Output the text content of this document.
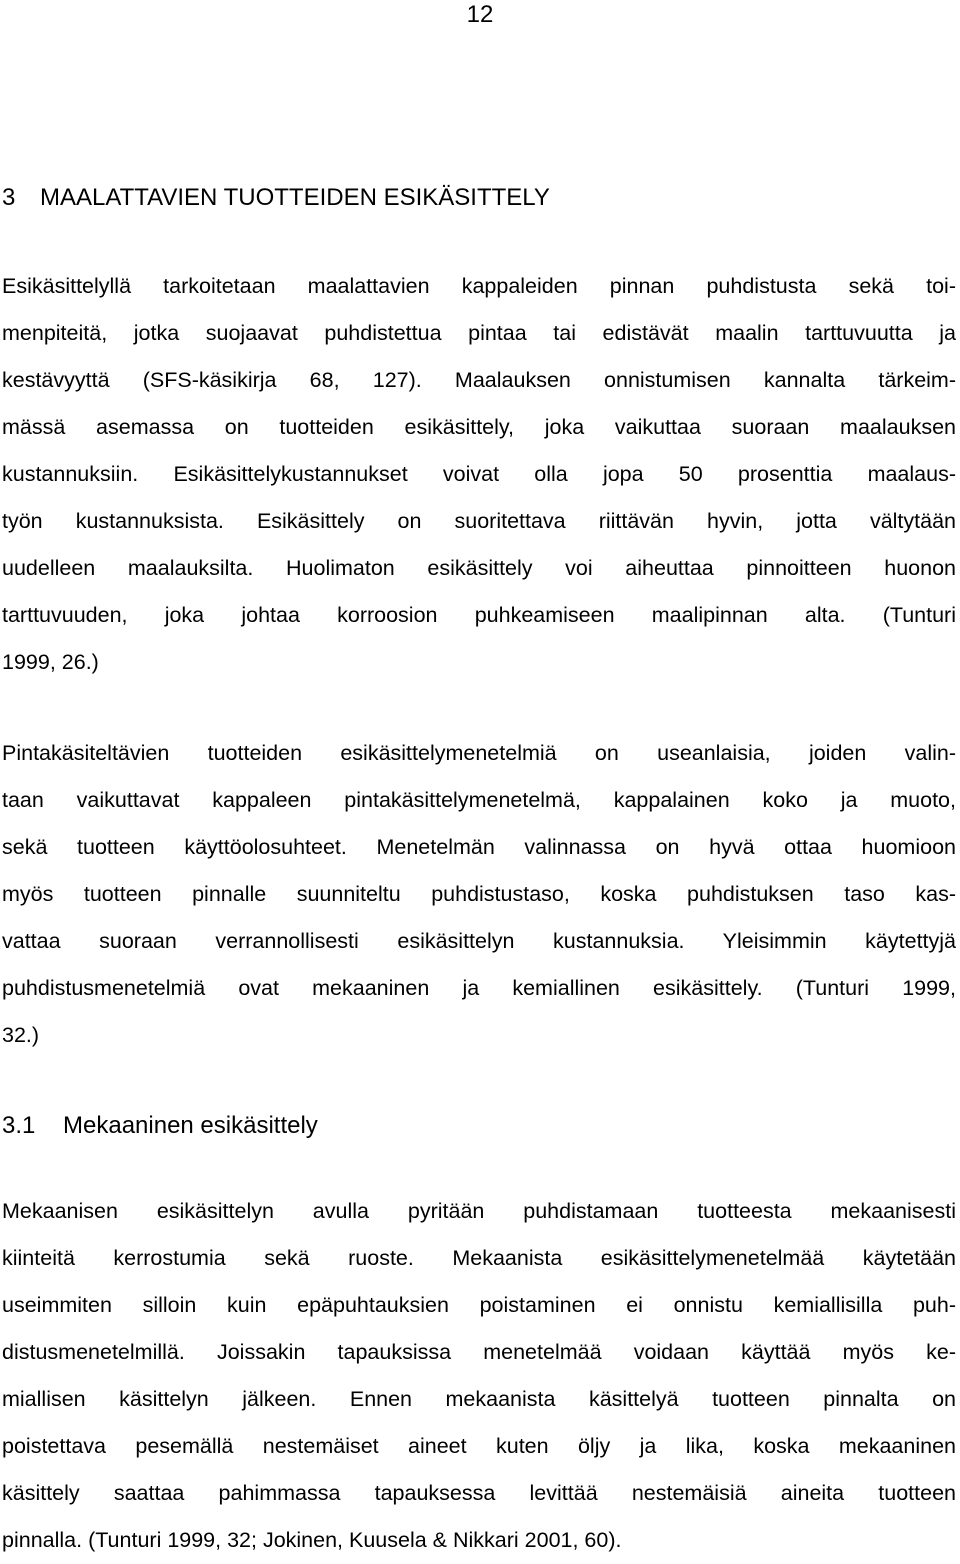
12
3 MAALATTAVIEN TUOTTEIDEN ESIKÄSITTELY
Esikäsittelyllä tarkoitetaan maalattavien kappaleiden pinnan puhdistusta sekä toi-
menpiteitä, jotka suojaavat puhdistettua pintaa tai edistävät maalin tarttuvuutta ja
kestävyyttä (SFS-käsikirja 68, 127). Maalauksen onnistumisen kannalta tärkeim-
mässä asemassa on tuotteiden esikäsittely, joka vaikuttaa suoraan maalauksen
kustannuksiin. Esikäsittelykustannukset voivat olla jopa 50 prosenttia maalaus-
työn kustannuksista. Esikäsittely on suoritettava riittävän hyvin, jotta vältytään
uudelleen maalauksilta. Huolimaton esikäsittely voi aiheuttaa pinnoitteen huonon
tarttuvuuden, joka johtaa korroosion puhkeamiseen maalipinnan alta. (Tunturi
1999, 26.)
Pintakäsiteltävien tuotteiden esikäsittelymenetelmiä on useanlaisia, joiden valin-
taan vaikuttavat kappaleen pintakäsittelymenetelmä, kappalainen koko ja muoto,
sekä tuotteen käyttöolosuhteet. Menetelmän valinnassa on hyvä ottaa huomioon
myös tuotteen pinnalle suunniteltu puhdistustaso, koska puhdistuksen taso kas-
vattaa suoraan verrannollisesti esikäsittelyn kustannuksia. Yleisimmin käytettyjä
puhdistusmenetelmiä ovat mekaaninen ja kemiallinen esikäsittely. (Tunturi 1999,
32.)
3.1 Mekaaninen esikäsittely
Mekaanisen esikäsittelyn avulla pyritään puhdistamaan tuotteesta mekaanisesti
kiinteitä kerrostumia sekä ruoste. Mekaanista esikäsittelymenetelmää käytetään
useimmiten silloin kuin epäpuhtauksien poistaminen ei onnistu kemiallisilla puh-
distusmenetelmillä. Joissakin tapauksissa menetelmää voidaan käyttää myös ke-
miallisen käsittelyn jälkeen. Ennen mekaanista käsittelyä tuotteen pinnalta on
poistettava pesemällä nestemäiset aineet kuten öljy ja lika, koska mekaaninen
käsittely saattaa pahimmassa tapauksessa levittää nestemäisiä aineita tuotteen
pinnalla. (Tunturi 1999, 32; Jokinen, Kuusela & Nikkari 2001, 60).
